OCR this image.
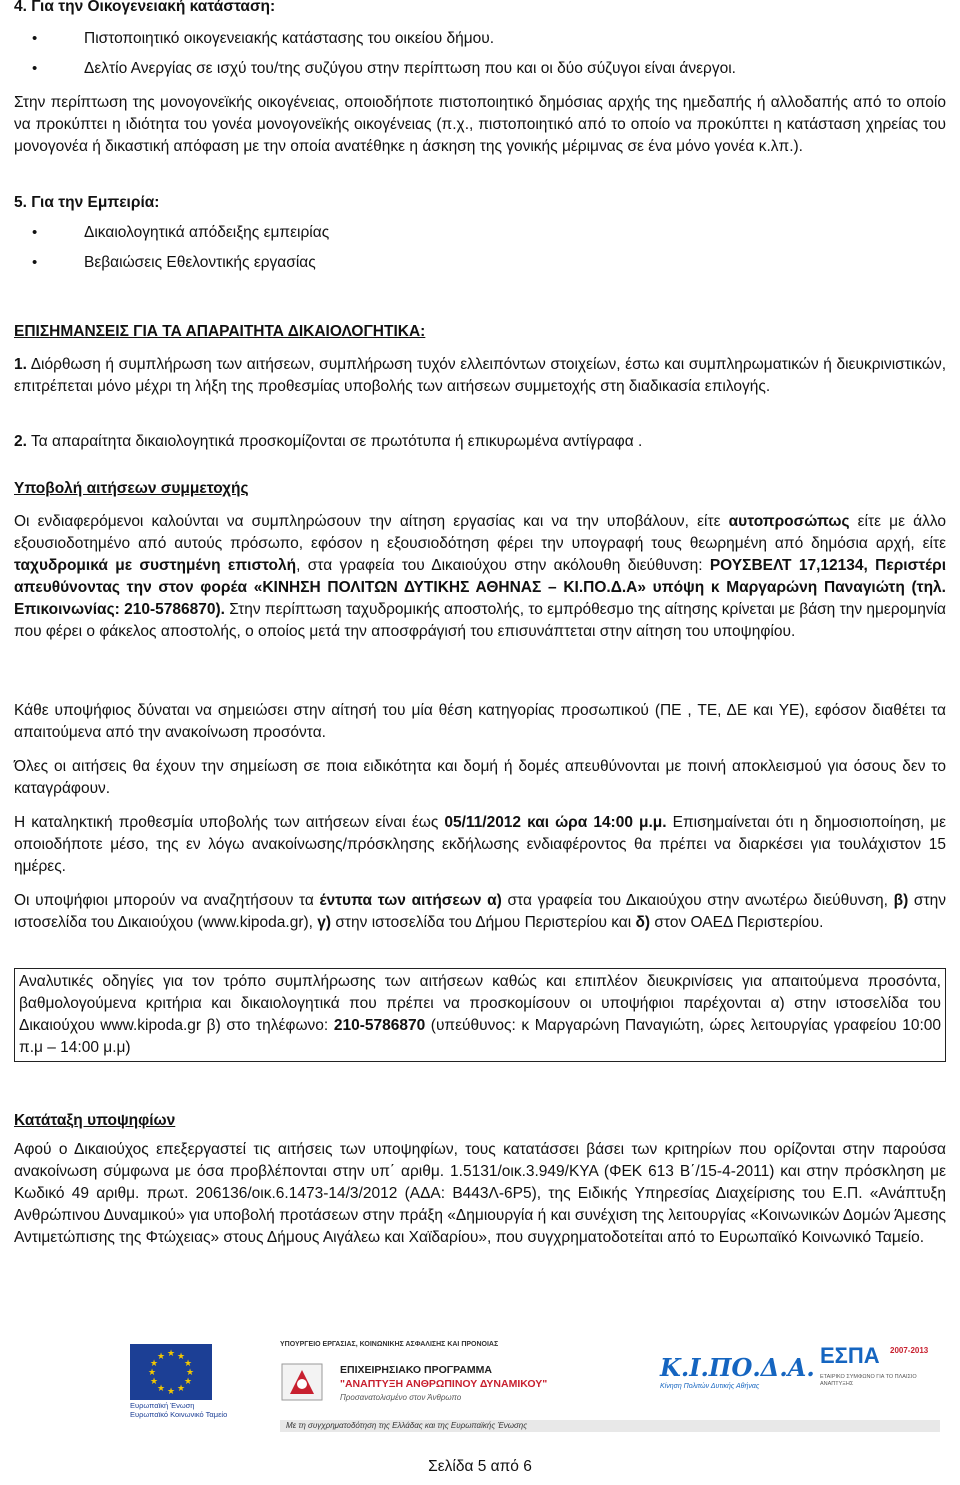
4. Για την Οικογενειακή κατάσταση:
• Πιστοποιητικό οικογενειακής κατάστασης του οικείου δήμου.
• Δελτίο Ανεργίας σε ισχύ του/της συζύγου στην περίπτωση που και οι δύο σύζυγοι είναι άνεργοι.
Στην περίπτωση της μονογονεϊκής οικογένειας, οποιοδήποτε πιστοποιητικό δημόσιας αρχής της ημεδαπής ή αλλοδαπής από το οποίο να προκύπτει η ιδιότητα του γονέα μονογονεϊκής οικογένειας (π.χ., πιστοποιητικό από το οποίο να προκύπτει η κατάσταση χηρείας του μονογονέα ή δικαστική απόφαση με την οποία ανατέθηκε η άσκηση της γονικής μέριμνας σε ένα μόνο γονέα κ.λπ.).
5. Για την Εμπειρία:
• Δικαιολογητικά απόδειξης εμπειρίας
• Βεβαιώσεις Εθελοντικής εργασίας
ΕΠΙΣΗΜΑΝΣΕΙΣ ΓΙΑ ΤΑ ΑΠΑΡΑΙΤΗΤΑ ΔΙΚΑΙΟΛΟΓΗΤΙΚΑ:
1. Διόρθωση ή συμπλήρωση των αιτήσεων, συμπλήρωση τυχόν ελλειπόντων στοιχείων, έστω και συμπληρωματικών ή διευκρινιστικών, επιτρέπεται μόνο μέχρι τη λήξη της προθεσμίας υποβολής των αιτήσεων συμμετοχής στη διαδικασία επιλογής.
2. Τα απαραίτητα δικαιολογητικά προσκομίζονται σε πρωτότυπα ή επικυρωμένα αντίγραφα .
Υποβολή αιτήσεων συμμετοχής
Οι ενδιαφερόμενοι καλούνται να συμπληρώσουν την αίτηση εργασίας και να την υποβάλουν, είτε αυτοπροσώπως είτε με άλλο εξουσιοδοτημένο από αυτούς πρόσωπο, εφόσον η εξουσιοδότηση φέρει την υπογραφή τους θεωρημένη από δημόσια αρχή, είτε ταχυδρομικά με συστημένη επιστολή, στα γραφεία του Δικαιούχου στην ακόλουθη διεύθυνση: ΡΟΥΣΒΕΛΤ 17,12134, Περιστέρι απευθύνοντας την στον φορέα «ΚΙΝΗΣΗ ΠΟΛΙΤΩΝ ΔΥΤΙΚΗΣ ΑΘΗΝΑΣ – ΚΙ.ΠΟ.Δ.Α» υπόψη κ Μαργαρώνη Παναγιώτη (τηλ. Επικοινωνίας: 210-5786870). Στην περίπτωση ταχυδρομικής αποστολής, το εμπρόθεσμο της αίτησης κρίνεται με βάση την ημερομηνία που φέρει ο φάκελος αποστολής, ο οποίος μετά την αποσφράγισή του επισυνάπτεται στην αίτηση του υποψηφίου.
Κάθε υποψήφιος δύναται να σημειώσει στην αίτησή του μία θέση κατηγορίας προσωπικού (ΠΕ , ΤΕ, ΔΕ και ΥΕ), εφόσον διαθέτει τα απαιτούμενα από την ανακοίνωση προσόντα.
Όλες οι αιτήσεις θα έχουν την σημείωση σε ποια ειδικότητα και δομή ή δομές απευθύνονται με ποινή αποκλεισμού για όσους δεν το καταγράφουν.
Η καταληκτική προθεσμία υποβολής των αιτήσεων είναι έως 05/11/2012 και ώρα 14:00 μ.μ. Επισημαίνεται ότι η δημοσιοποίηση, με οποιοδήποτε μέσο, της εν λόγω ανακοίνωσης/πρόσκλησης εκδήλωσης ενδιαφέροντος θα πρέπει να διαρκέσει για τουλάχιστον 15 ημέρες.
Οι υποψήφιοι μπορούν να αναζητήσουν τα έντυπα των αιτήσεων α) στα γραφεία του Δικαιούχου στην ανωτέρω διεύθυνση, β) στην ιστοσελίδα του Δικαιούχου (www.kipoda.gr), γ) στην ιστοσελίδα του Δήμου Περιστερίου και δ) στον ΟΑΕΔ Περιστερίου.
Αναλυτικές οδηγίες για τον τρόπο συμπλήρωσης των αιτήσεων καθώς και επιπλέον διευκρινίσεις για απαιτούμενα προσόντα, βαθμολογούμενα κριτήρια και δικαιολογητικά που πρέπει να προσκομίσουν οι υποψήφιοι παρέχονται α) στην ιστοσελίδα του Δικαιούχου www.kipoda.gr β) στο τηλέφωνο: 210-5786870 (υπεύθυνος: κ Μαργαρώνη Παναγιώτη, ώρες λειτουργίας γραφείου 10:00 π.μ – 14:00 μ.μ)
Κατάταξη υποψηφίων
Αφού ο Δικαιούχος επεξεργαστεί τις αιτήσεις των υποψηφίων, τους κατατάσσει βάσει των κριτηρίων που ορίζονται στην παρούσα ανακοίνωση σύμφωνα με όσα προβλέπονται στην υπ΄ αριθμ. 1.5131/οικ.3.949/ΚΥΑ (ΦΕΚ 613 Β΄/15-4-2011) και στην πρόσκληση με Κωδικό 49 αριθμ. πρωτ. 206136/οικ.6.1473-14/3/2012 (ΑΔΑ: Β443Λ-6Ρ5), της Ειδικής Υπηρεσίας Διαχείρισης του Ε.Π. «Ανάπτυξη Ανθρώπινου Δυναμικού» για υποβολή προτάσεων στην πράξη «Δημιουργία ή και συνέχιση της λειτουργίας «Κοινωνικών Δομών Άμεσης Αντιμετώπισης της Φτώχειας» στους Δήμους Αιγάλεω και Χαϊδαρίου», που συγχρηματοδοτείται από το Ευρωπαϊκό Κοινωνικό Ταμείο.
★ ★
★
★
★
★
★
★
★
★
★
★
Ευρωπαϊκή Ένωση
Ευρωπαϊκό Κοινωνικό Ταμείο
ΥΠΟΥΡΓΕΙΟ ΕΡΓΑΣΙΑΣ, ΚΟΙΝΩΝΙΚΗΣ ΑΣΦΑΛΙΣΗΣ ΚΑΙ ΠΡΟΝΟΙΑΣ
ΕΠΙΧΕΙΡΗΣΙΑΚΟ ΠΡΟΓΡΑΜΜΑ
"ΑΝΑΠΤΥΞΗ ΑΝΘΡΩΠΙΝΟΥ ΔΥΝΑΜΙΚΟΥ"
Προσανατολισμένο στον Άνθρωπο
Κ.Ι.ΠΟ.Δ.Α.
Κίνηση Πολιτών Δυτικής Αθήνας
ΕΣΠΑ	2007-2013
ΕΤΑΙΡΙΚΟ ΣΥΜΦΩΝΟ ΓΙΑ ΤΟ ΠΛΑΙΣΙΟ ΑΝΑΠΤΥΞΗΣ
Με τη συγχρηματοδότηση της Ελλάδας και της Ευρωπαϊκής Ένωσης
Σελίδα 5 από 6
